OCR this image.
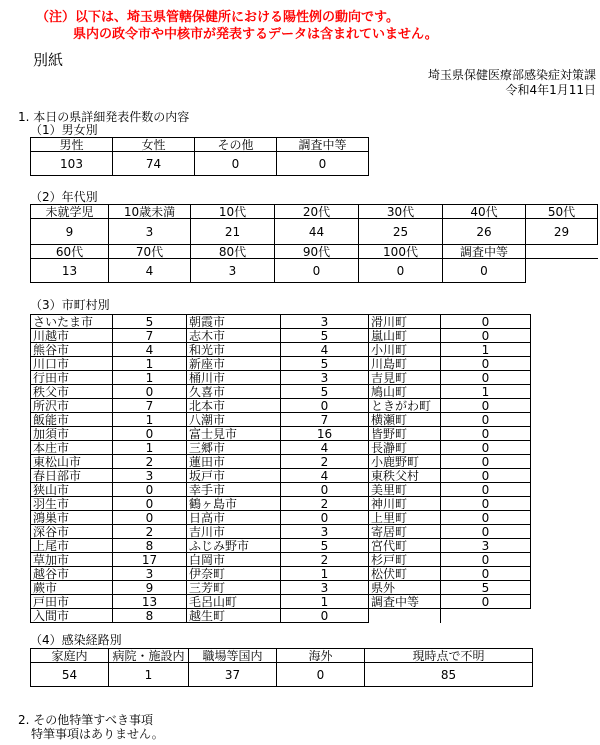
（注）以下は、埼玉県管轄保健所における陽性例の動向です。
県内の政令市や中核市が発表するデータは含まれていません。
別紙
埼玉県保健医療部感染症対策課
令和4年1月11日
1. 本日の県詳細発表件数の内容
（1）男女別
男性	女性	その他	調査中等
103	74	0	0
（2）年代別
未就学児	10歳未満	10代	20代	30代	40代	50代
9	3	21	44	25	26	29
60代	70代	80代	90代	100代	調査中等	
13	4	3	0	0	0	
（3）市町村別
さいたま市	5	朝霞市	3	滑川町	0
川越市	7	志木市	5	嵐山町	0
熊谷市	4	和光市	4	小川町	1
川口市	1	新座市	5	川島町	0
行田市	1	桶川市	3	吉見町	0
秩父市	0	久喜市	5	鳩山町	1
所沢市	7	北本市	0	ときがわ町	0
飯能市	1	八潮市	7	横瀬町	0
加須市	0	富士見市	16	皆野町	0
本庄市	1	三郷市	4	長瀞町	0
東松山市	2	蓮田市	2	小鹿野町	0
春日部市	3	坂戸市	4	東秩父村	0
狭山市	0	幸手市	0	美里町	0
羽生市	0	鶴ヶ島市	2	神川町	0
鴻巣市	0	日高市	0	上里町	0
深谷市	2	吉川市	3	寄居町	0
上尾市	8	ふじみ野市	5	宮代町	3
草加市	17	白岡市	2	杉戸町	0
越谷市	3	伊奈町	1	松伏町	0
蕨市	9	三芳町	3	県外	5
戸田市	13	毛呂山町	1	調査中等	0
入間市	8	越生町	0		
（4）感染経路別
家庭内	病院・施設内	職場等国内	海外	現時点で不明
54	1	37	0	85
2. その他特筆すべき事項
特筆事項はありません。
